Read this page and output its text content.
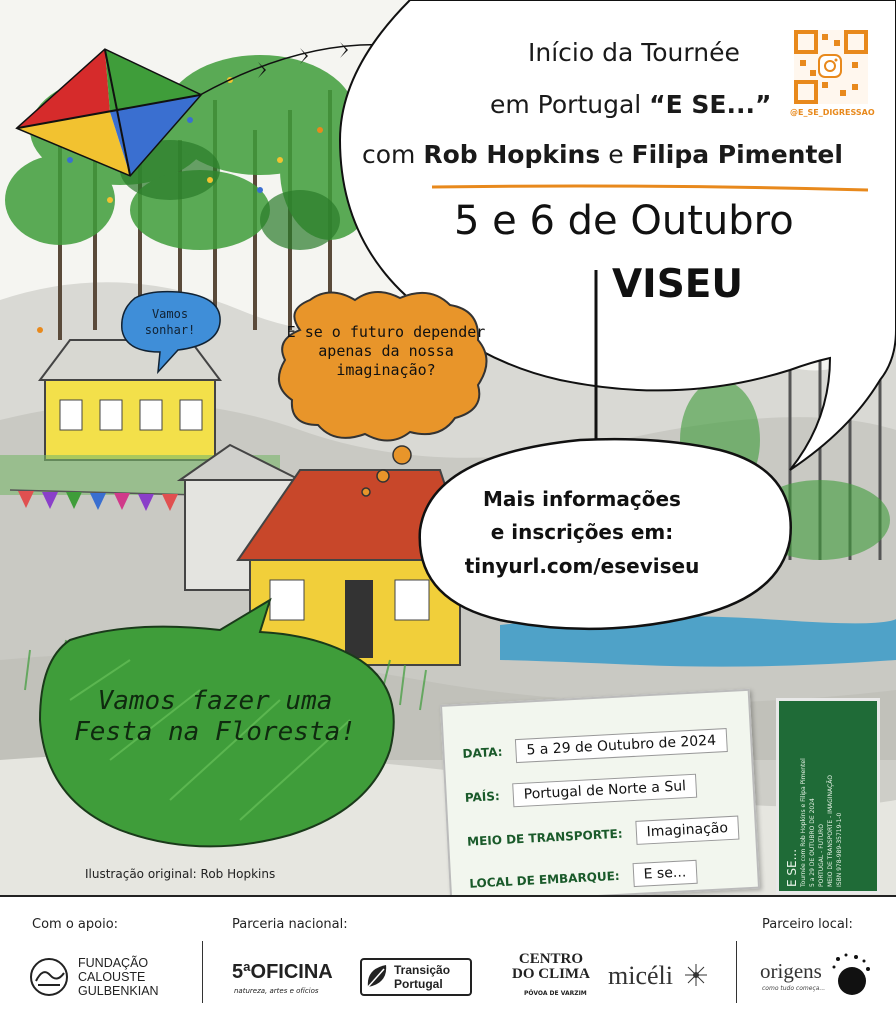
Início da Tournée
em Portugal “E SE...”
com Rob Hopkins e Filipa Pimentel
5 e 6 de Outubro
VISEU
@E_SE_DIGRESSAO
Mais informações
e inscrições em:
tinyurl.com/eseviseu
Vamos sonhar!	E se o futuro depender apenas da nossa imaginação?
Vamos fazer uma Festa na Floresta!
Ilustração original: Rob Hopkins
DATA: 5 a 29 de Outubro de 2024
PAÍS: Portugal de Norte a Sul
MEIO DE TRANSPORTE: Imaginação
LOCAL DE EMBARQUE: E se...	E SE... Tournée com Rob Hopkins e Filipa Pimentel 5 a 29 DE OUTUBRO DE 2024 PORTUGAL - FUTURO MEIO DE TRANSPORTE - IMAGINAÇÃO ISBN 978-989-35719-1-0
Com o apoio:	Parceria nacional:	Parceiro local:
FUNDAÇÃO
CALOUSTE
GULBENKIAN
5ªOFICINA
natureza, artes e ofícios
Transição
Portugal
CENTRO
DO CLIMA
PÓVOA DE VARZIM
micéli	origens
como tudo começa...
